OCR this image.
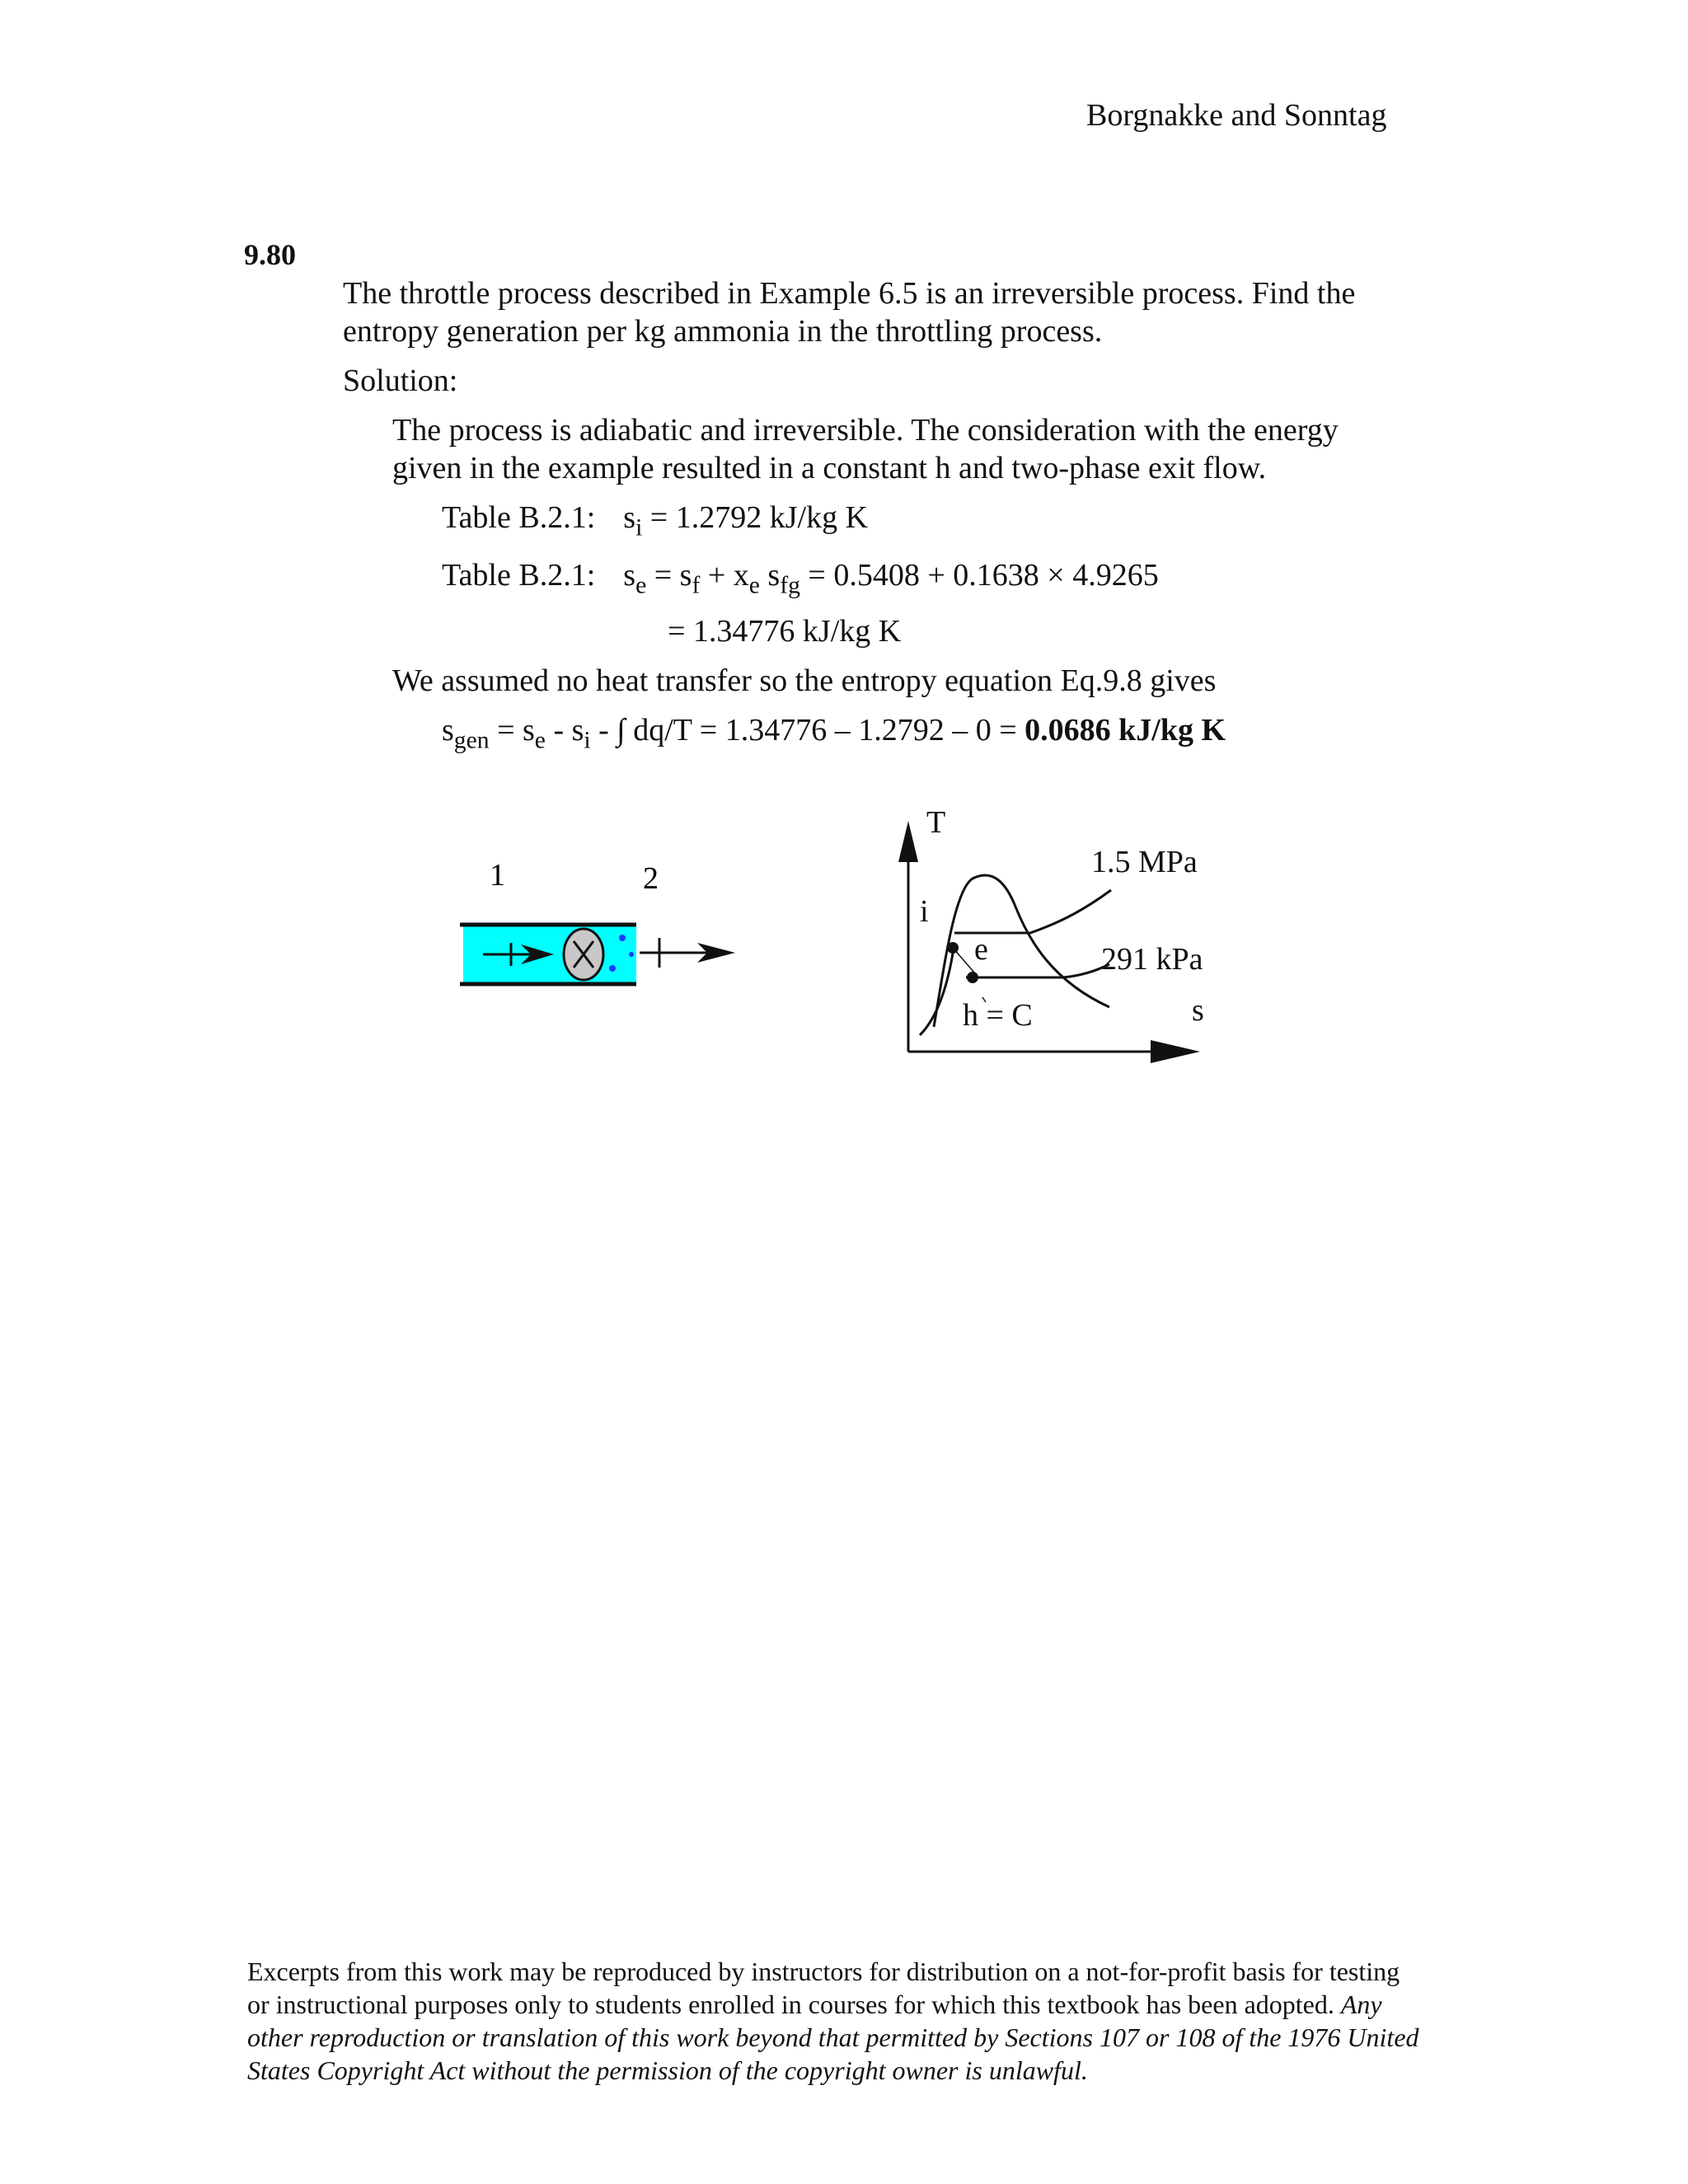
Borgnakke and Sonntag
9.80
The throttle process described in Example 6.5 is an irreversible process. Find the
entropy generation per kg ammonia in the throttling process.
Solution:
The process is adiabatic and irreversible. The consideration with the energy
given in the example resulted in a constant h and two-phase exit flow.
Table B.2.1: $s_i = 1.2792$ kJ/kg K
Table B.2.1: $s_e = s_f + x_e$ $s_{fg} = 0.5408 + 0.1638 \times 4.9265$
= 1.34776 kJ/kg K
We assumed no heat transfer so the entropy equation Eq.9.8 gives
$s_{gen} = s_e - s_i$ - ∫ dq/T = 1.34776 – 1.2792 – 0 = 0.0686 kJ/kg K
1	2
T
s
i
e
h = C
1.5 MPa
291 kPa
Excerpts from this work may be reproduced by instructors for distribution on a not-for-profit basis for testing or instructional purposes only to students enrolled in courses for which this textbook has been adopted. Any other reproduction or translation of this work beyond that permitted by Sections 107 or 108 of the 1976 United States Copyright Act without the permission of the copyright owner is unlawful.
